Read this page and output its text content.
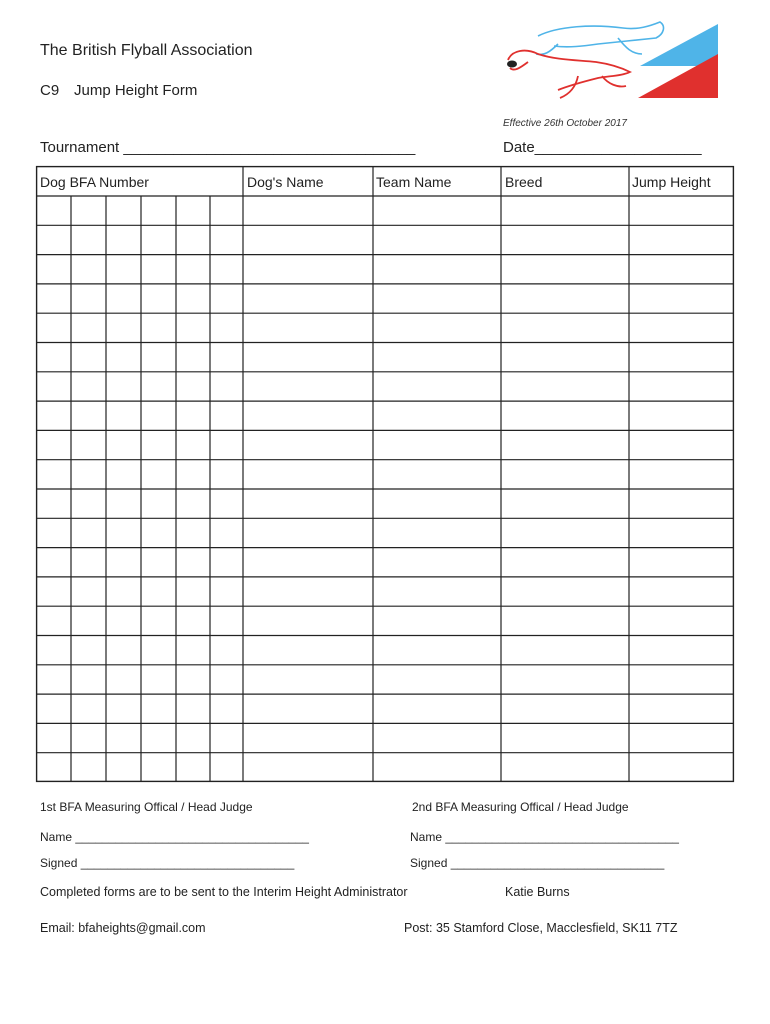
The British Flyball Association
C9 Jump Height Form
Effective 26th October 2017
Tournament ___________________________________	Date____________________
Dog BFA Number	Dog's Name	Team Name	Breed	Jump Height
1st BFA Measuring Offical / Head Judge	2nd BFA Measuring Offical / Head Judge
Name ___________________________________	Name ___________________________________
Signed ________________________________	Signed ________________________________
Completed forms are to be sent to the Interim Height Administrator	Katie Burns
Email: bfaheights@gmail.com	Post: 35 Stamford Close, Macclesfield, SK11 7TZ
